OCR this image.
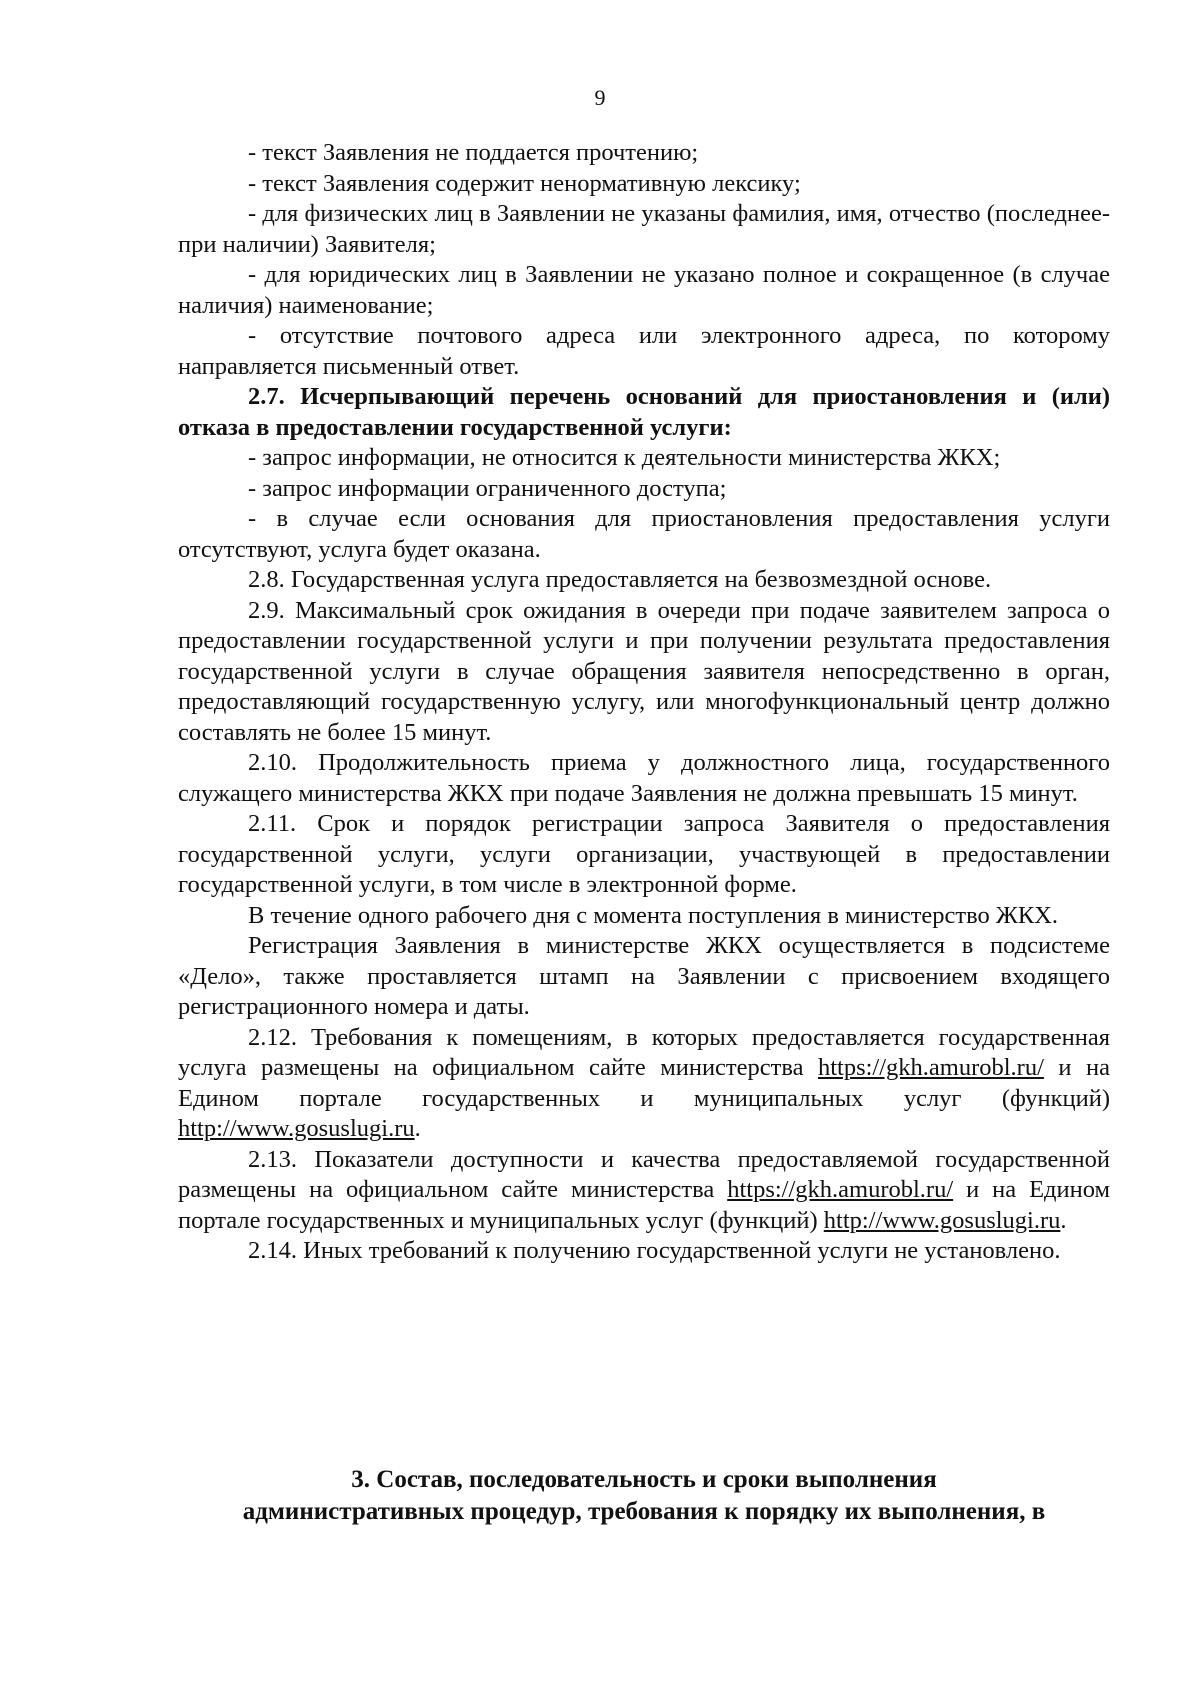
9

- текст Заявления не поддается прочтению;

- текст Заявления содержит ненормативную лексику;

- для физических лиц в Заявлении не указаны фамилия, имя, отчество (последнее-при наличии) Заявителя;

- для юридических лиц в Заявлении не указано полное и сокращенное (в случае наличия) наименование;

- отсутствие почтового адреса или электронного адреса, по которому направляется письменный ответ.

2.7. Исчерпывающий перечень оснований для приостановления и (или) отказа в предоставлении государственной услуги:

- запрос информации, не относится к деятельности министерства ЖКХ;

- запрос информации ограниченного доступа;

- в случае если основания для приостановления предоставления услуги отсутствуют, услуга будет оказана.

2.8. Государственная услуга предоставляется на безвозмездной основе.

2.9. Максимальный срок ожидания в очереди при подаче заявителем запроса о предоставлении государственной услуги и при получении результата предоставления государственной услуги в случае обращения заявителя непосредственно в орган, предоставляющий государственную услугу, или многофункциональный центр должно составлять не более 15 минут.

2.10. Продолжительность приема у должностного лица, государственного служащего министерства ЖКХ при подаче Заявления не должна превышать 15 минут.

2.11. Срок и порядок регистрации запроса Заявителя о предоставления государственной услуги, услуги организации, участвующей в предоставлении государственной услуги, в том числе в электронной форме.

В течение одного рабочего дня с момента поступления в министерство ЖКХ.

Регистрация Заявления в министерстве ЖКХ осуществляется в подсистеме «Дело», также проставляется штамп на Заявлении с присвоением входящего регистрационного номера и даты.

2.12. Требования к помещениям, в которых предоставляется государственная услуга размещены на официальном сайте министерства https://gkh.amurobl.ru/ и на Едином портале государственных и муниципальных услуг (функций) http://www.gosuslugi.ru.

2.13. Показатели доступности и качества предоставляемой государственной размещены на официальном сайте министерства https://gkh.amurobl.ru/ и на Едином портале государственных и муниципальных услуг (функций) http://www.gosuslugi.ru.

2.14. Иных требований к получению государственной услуги не установлено.

3. Состав, последовательность и сроки выполнения
административных процедур, требования к порядку их выполнения, в
